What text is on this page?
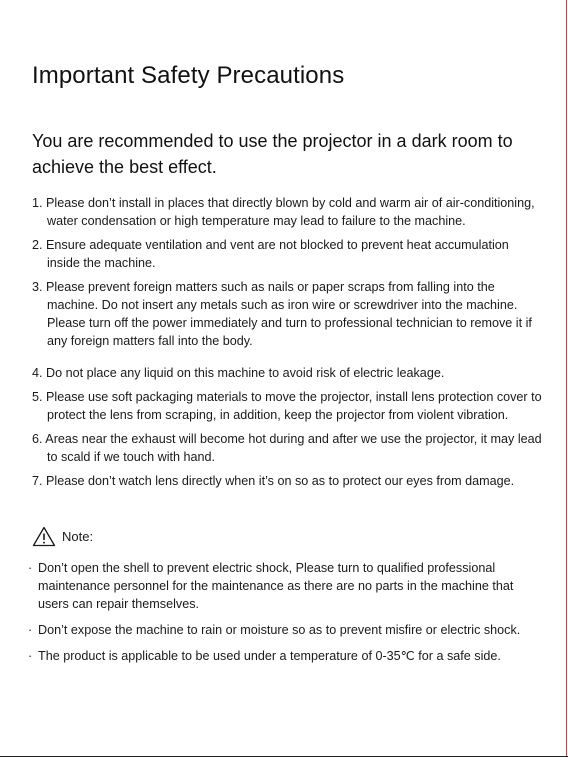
Important Safety Precautions

You are recommended to use the projector in a dark room to achieve the best effect.

1. Please don’t install in places that directly blown by cold and warm air of air-conditioning, water condensation or high temperature may lead to failure to the machine.
2. Ensure adequate ventilation and vent are not blocked to prevent heat accumulation inside the machine.
3. Please prevent foreign matters such as nails or paper scraps from falling into the machine. Do not insert any metals such as iron wire or screwdriver into the machine. Please turn off the power immediately and turn to professional technician to remove it if any foreign matters fall into the body.
4. Do not place any liquid on this machine to avoid risk of electric leakage.
5. Please use soft packaging materials to move the projector, install lens protection cover to protect the lens from scraping, in addition, keep the projector from violent vibration.
6. Areas near the exhaust will become hot during and after we use the projector, it may lead to scald if we touch with hand.
7. Please don’t watch lens directly when it’s on so as to protect our eyes from damage.
Note:
· Don’t open the shell to prevent electric shock, Please turn to qualified professional maintenance personnel for the maintenance as there are no parts in the machine that users can repair themselves.
· Don’t expose the machine to rain or moisture so as to prevent misfire or electric shock.
· The product is applicable to be used under a temperature of 0-35℃ for a safe side.
